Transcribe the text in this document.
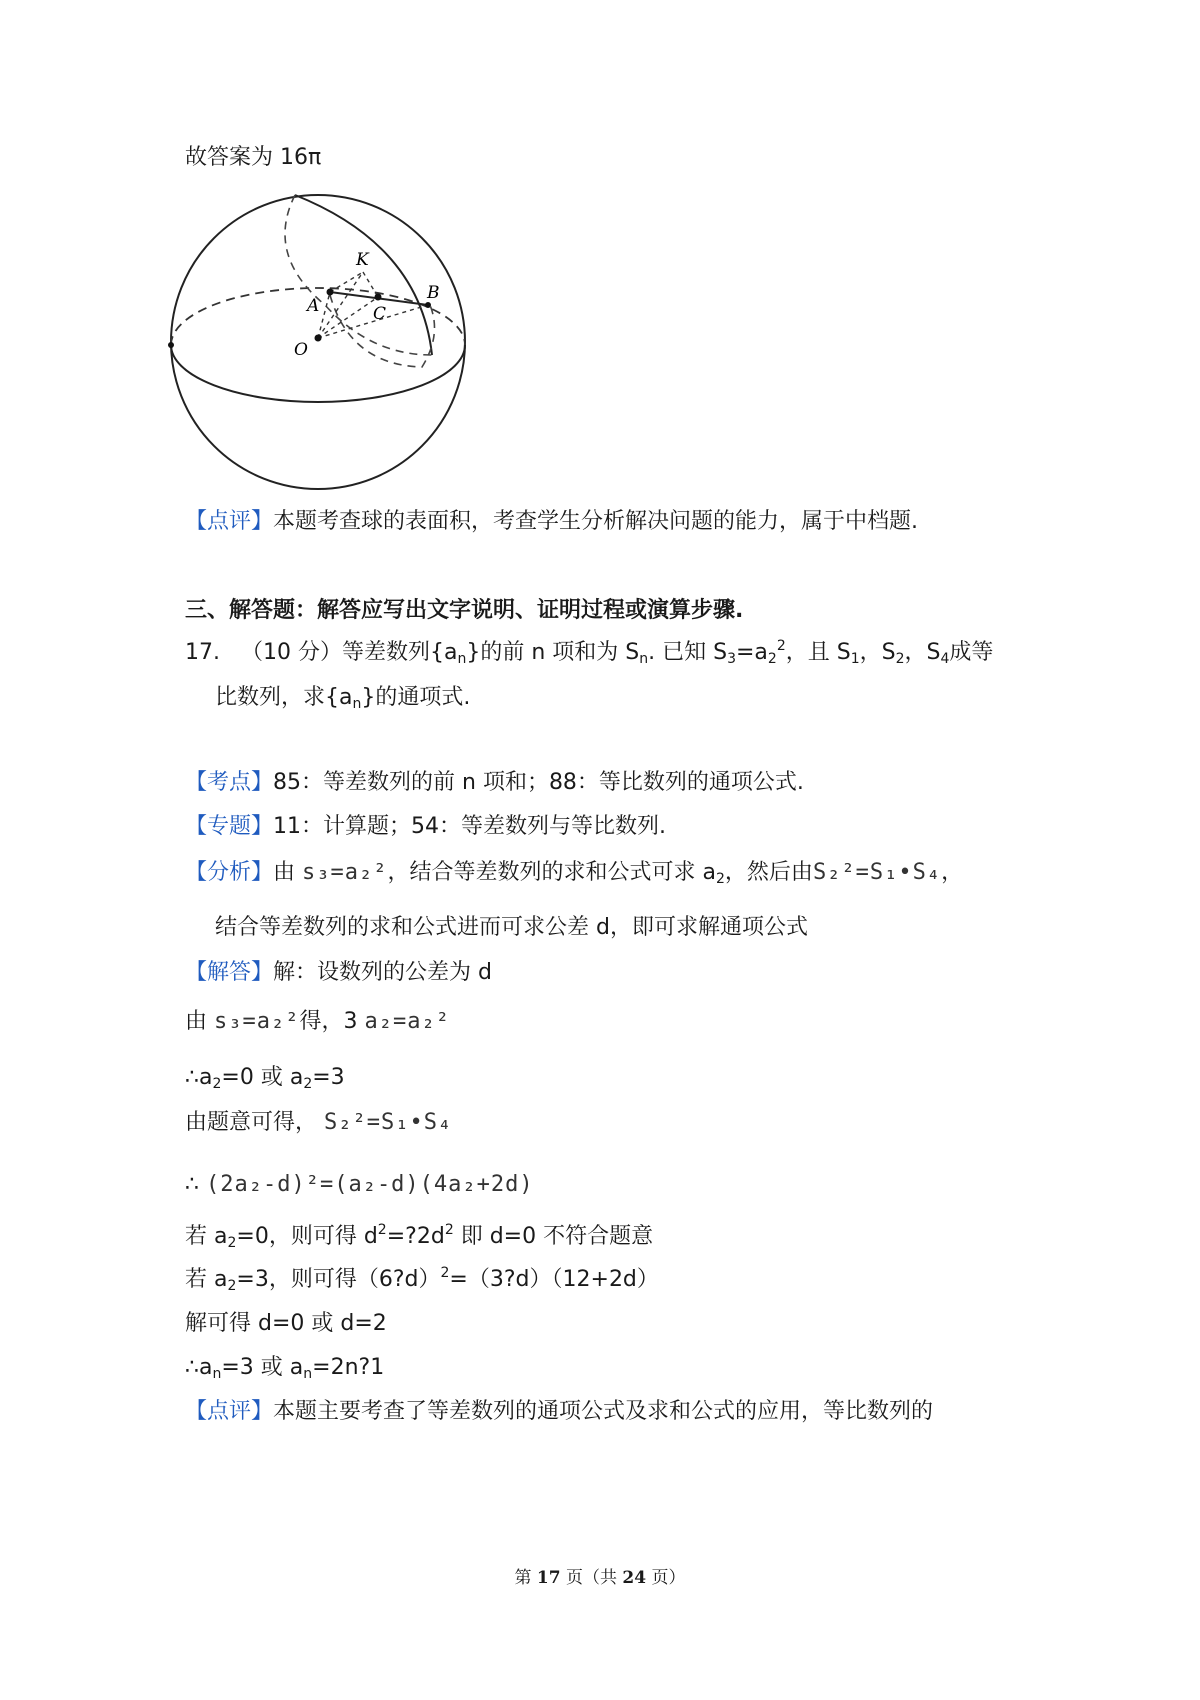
故答案为 16π
K
A
B
C
O
【点评】本题考查球的表面积，考查学生分析解决问题的能力，属于中档题.
三、解答题：解答应写出文字说明、证明过程或演算步骤.
17. （10 分）等差数列$\{a_n\}$的前 n 项和为 $S_n$. 已知 $S_3=a_2^2$，且 $S_1$，$S_2$，$S_4$成等
比数列，求$\{a_n\}$的通项式.
【考点】85：等差数列的前 n 项和；88：等比数列的通项公式.
【专题】11：计算题；54：等差数列与等比数列.
【分析】由 s₃=a₂²，结合等差数列的求和公式可求 $a_2$，然后由S₂²=S₁•S₄，
结合等差数列的求和公式进而可求公差 d，即可求解通项公式
【解答】解：设数列的公差为 d
由 s₃=a₂²得，3 a₂=a₂²
$\therefore a_2=0$ 或 $a_2=3$
由题意可得， S₂²=S₁•S₄
∴ (2a₂-d)²=(a₂-d)(4a₂+2d)
若 $a_2=0$，则可得 $d^2=?2d^2$ 即 d=0 不符合题意
若 $a_2=3$，则可得（6?d）$^2$=（3?d）（12+2d）
解可得 d=0 或 d=2
$\therefore a_n=3$ 或 $a_n=2n?1$
【点评】本题主要考查了等差数列的通项公式及求和公式的应用，等比数列的
第 17 页（共 24 页）
